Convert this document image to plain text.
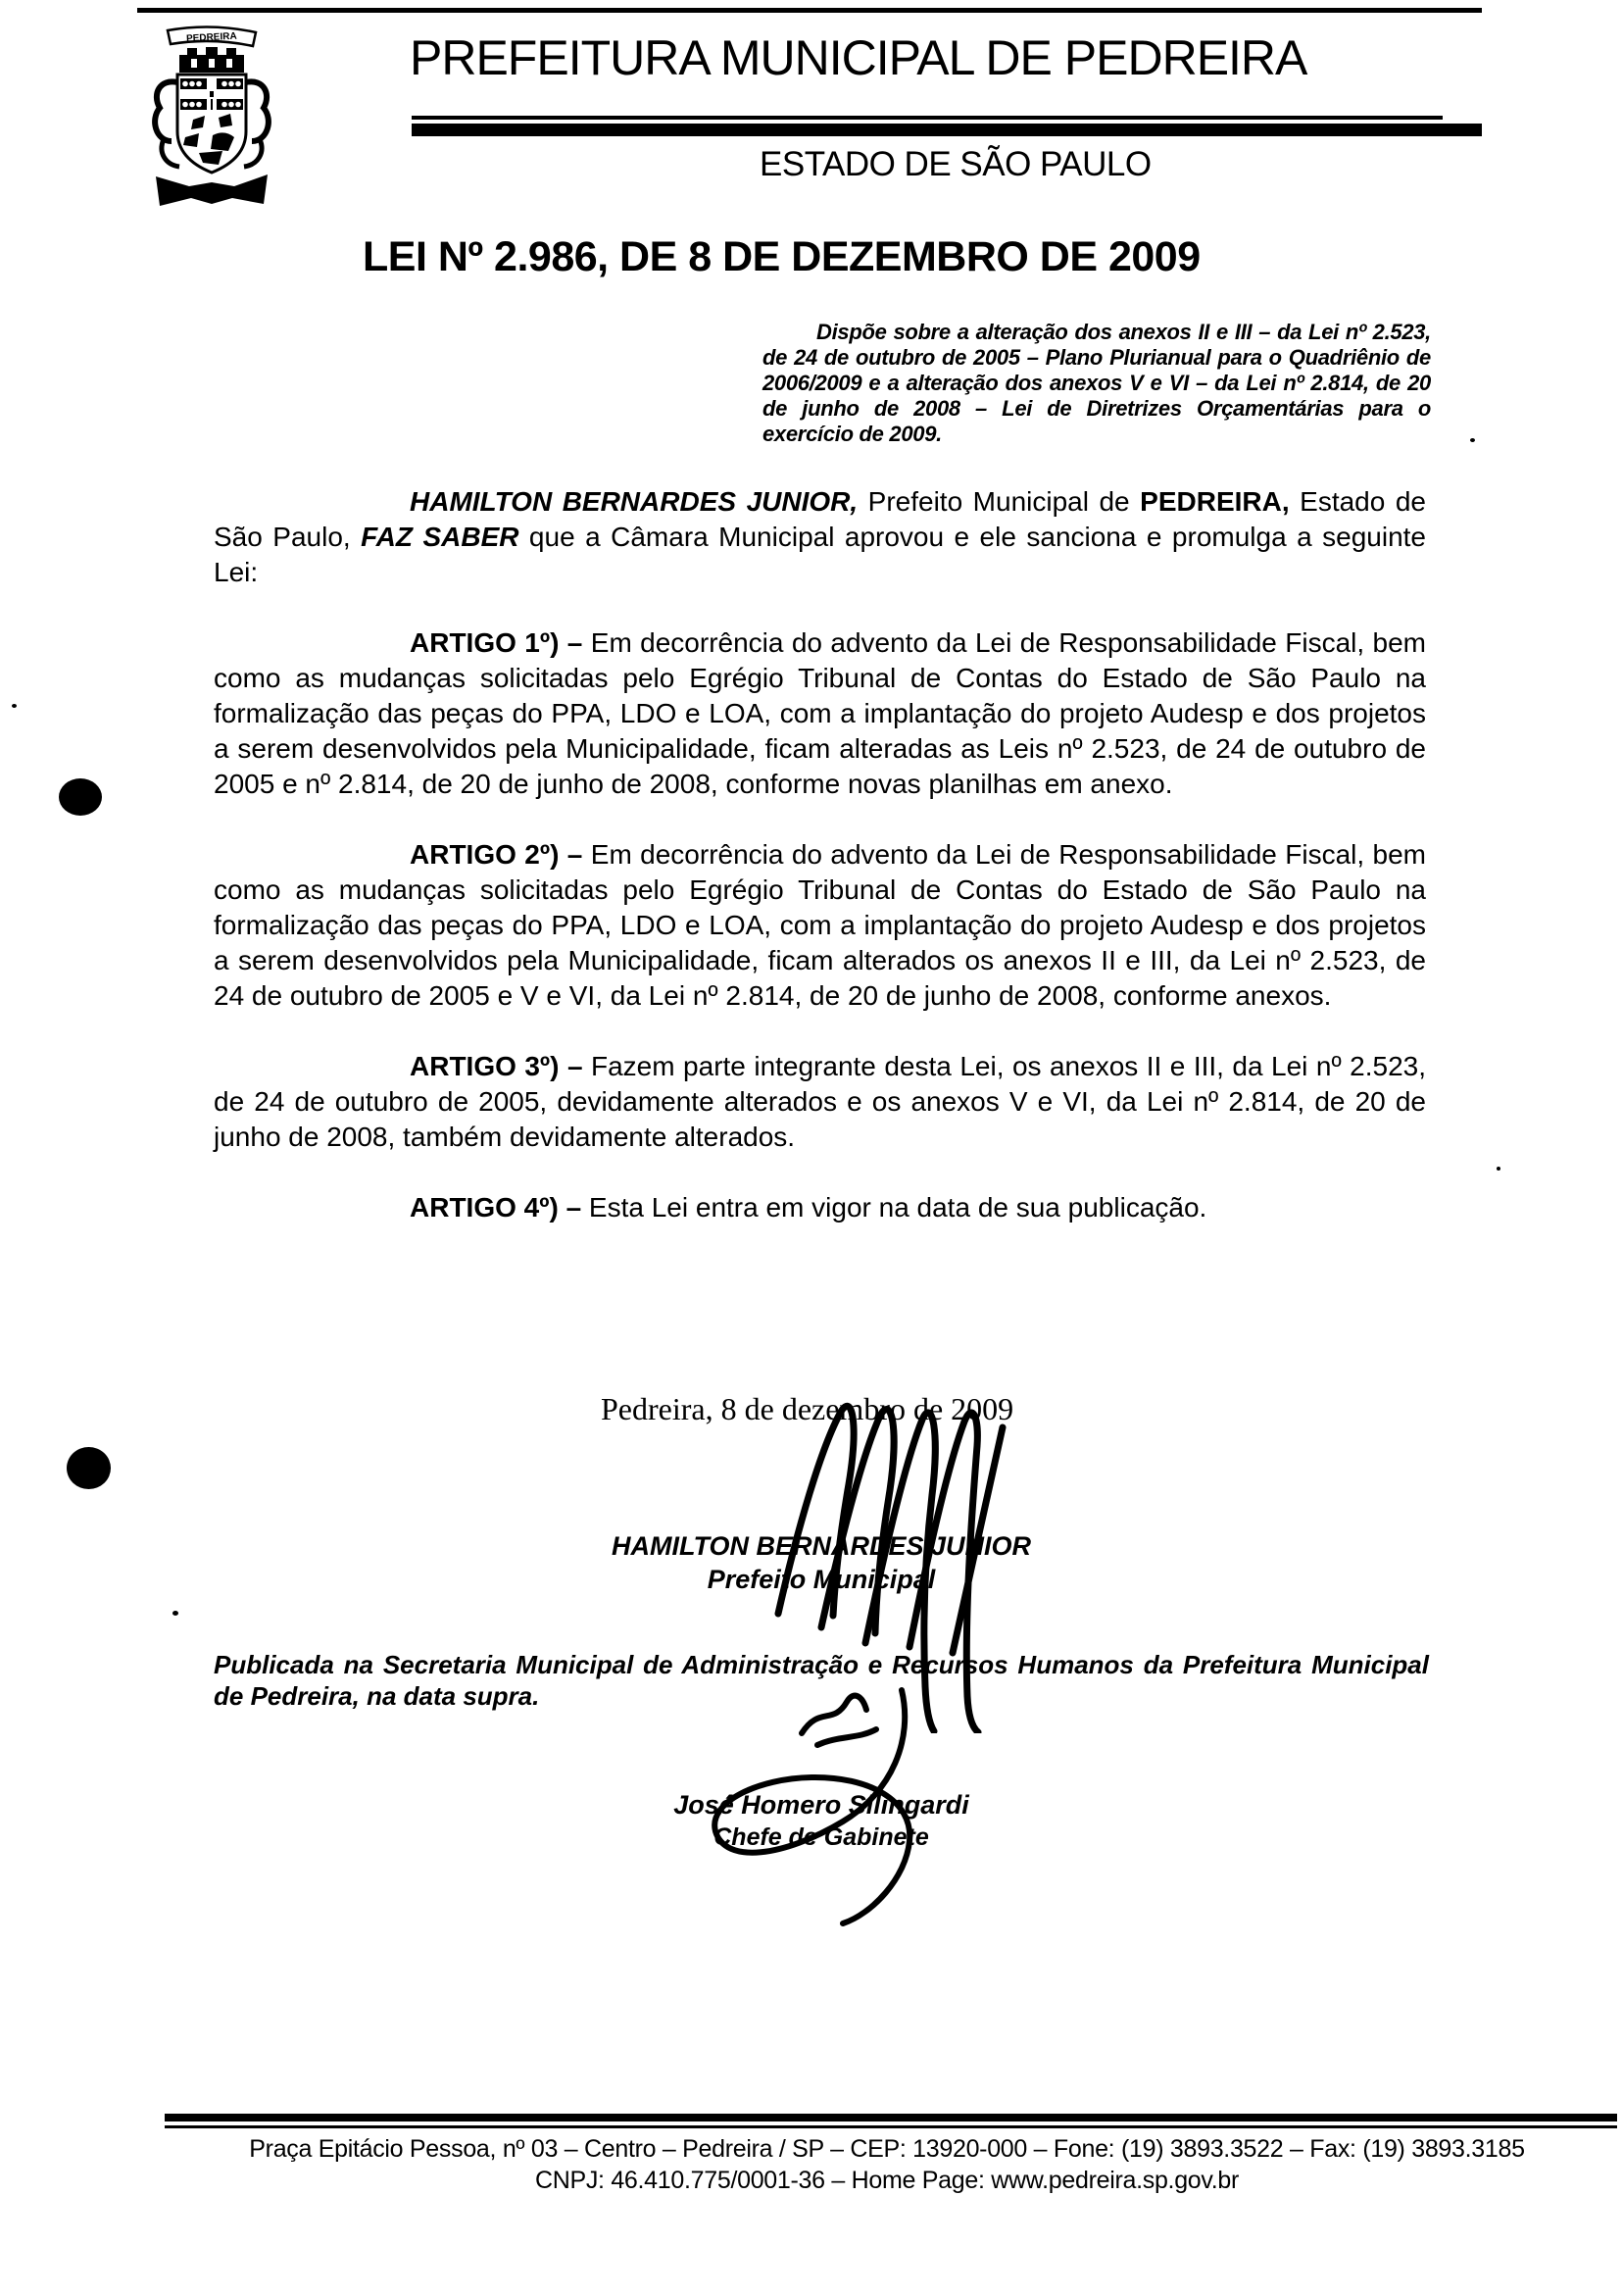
PEDREIRA	PREFEITURA MUNICIPAL DE PEDREIRA
ESTADO DE SÃO PAULO
LEI Nº 2.986, DE 8 DE DEZEMBRO DE 2009
Dispõe sobre a alteração dos anexos II e III – da Lei nº 2.523, de 24 de outubro de 2005 – Plano Plurianual para o Quadriênio de 2006/2009 e a alteração dos anexos V e VI – da Lei nº 2.814, de 20 de junho de 2008 – Lei de Diretrizes Orçamentárias para o exercício de 2009.

HAMILTON BERNARDES JUNIOR, Prefeito Municipal de PEDREIRA, Estado de São Paulo, FAZ SABER que a Câmara Municipal aprovou e ele sanciona e promulga a seguinte Lei:

ARTIGO 1º) – Em decorrência do advento da Lei de Responsabilidade Fiscal, bem como as mudanças solicitadas pelo Egrégio Tribunal de Contas do Estado de São Paulo na formalização das peças do PPA, LDO e LOA, com a implantação do projeto Audesp e dos projetos a serem desenvolvidos pela Municipalidade, ficam alteradas as Leis nº 2.523, de 24 de outubro de 2005 e nº 2.814, de 20 de junho de 2008, conforme novas planilhas em anexo.

ARTIGO 2º) – Em decorrência do advento da Lei de Responsabilidade Fiscal, bem como as mudanças solicitadas pelo Egrégio Tribunal de Contas do Estado de São Paulo na formalização das peças do PPA, LDO e LOA, com a implantação do projeto Audesp e dos projetos a serem desenvolvidos pela Municipalidade, ficam alterados os anexos II e III, da Lei nº 2.523, de 24 de outubro de 2005 e V e VI, da Lei nº 2.814, de 20 de junho de 2008, conforme anexos.

ARTIGO 3º) – Fazem parte integrante desta Lei, os anexos II e III, da Lei nº 2.523, de 24 de outubro de 2005, devidamente alterados e os anexos V e VI, da Lei nº 2.814, de 20 de junho de 2008, também devidamente alterados.

ARTIGO 4º) – Esta Lei entra em vigor na data de sua publicação.

Pedreira, 8 de dezembro de 2009
HAMILTON BERNARDES JUNIOR
Prefeito Municipal
Publicada na Secretaria Municipal de Administração e Recursos Humanos da Prefeitura Municipal de Pedreira, na data supra.
José Homero Silingardi
Chefe de Gabinete
Praça Epitácio Pessoa, nº 03 – Centro – Pedreira / SP – CEP: 13920-000 – Fone: (19) 3893.3522 – Fax: (19) 3893.3185
CNPJ: 46.410.775/0001-36 – Home Page: www.pedreira.sp.gov.br
